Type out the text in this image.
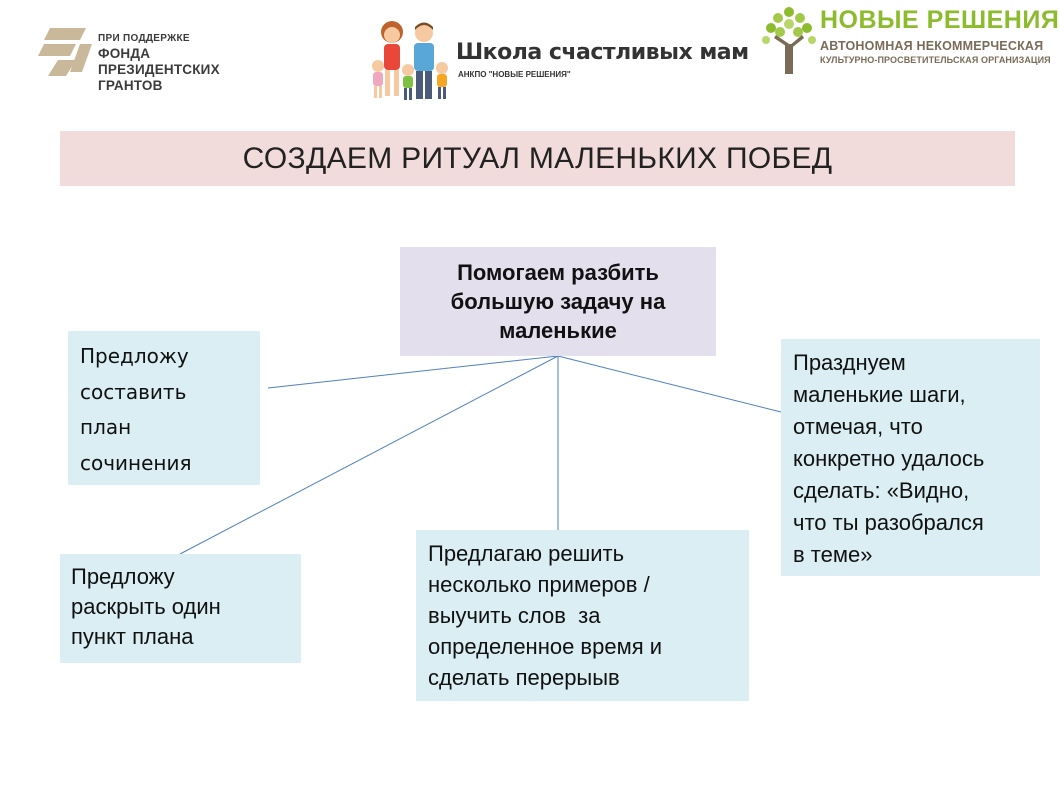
ПРИ ПОДДЕРЖКЕ
ФОНДА
ПРЕЗИДЕНТСКИХ
ГРАНТОВ
Школа счастливых мам
АНКПО "НОВЫЕ РЕШЕНИЯ"
НОВЫЕ РЕШЕНИЯ
АВТОНОМНАЯ НЕКОММЕРЧЕСКАЯ
КУЛЬТУРНО-ПРОСВЕТИТЕЛЬСКАЯ ОРГАНИЗАЦИЯ
СОЗДАЕМ РИТУАЛ МАЛЕНЬКИХ ПОБЕД
Помогаем разбить
большую задачу на
маленькие
Предложу
составить
план
сочинения
Предложу
раскрыть один
пункт плана
Предлагаю решить
несколько примеров /
выучить слов  за
определенное время и
сделать перерыыв
Празднуем
маленькие шаги,
отмечая, что
конкретно удалось
сделать: «Видно,
что ты разобрался
в теме»
